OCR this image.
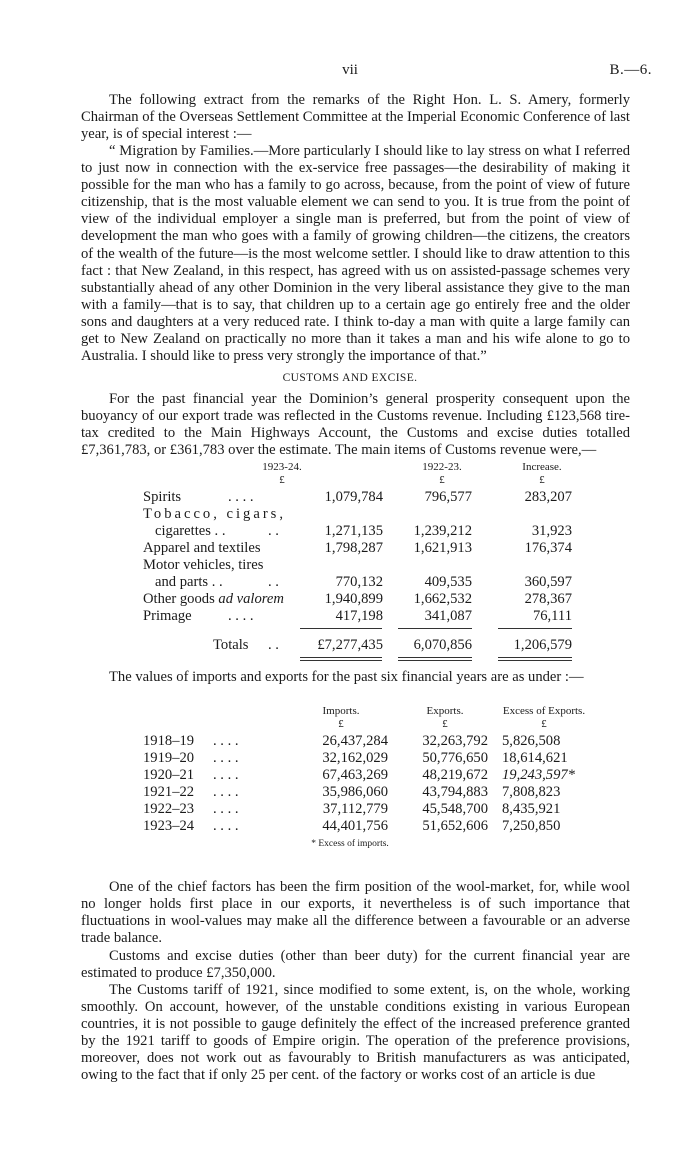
vii	B.—6.

The following extract from the remarks of the Right Hon. L. S. Amery, formerly Chairman of the Overseas Settlement Committee at the Imperial Economic Conference of last year, is of special interest :—

“ Migration by Families.—More particularly I should like to lay stress on what I referred to just now in connection with the ex-service free passages—the desirability of making it possible for the man who has a family to go across, because, from the point of view of future citizenship, that is the most valuable element we can send to you. It is true from the point of view of the individual employer a single man is preferred, but from the point of view of development the man who goes with a family of growing children—the citizens, the creators of the wealth of the future—is the most welcome settler. I should like to draw attention to this fact : that New Zealand, in this respect, has agreed with us on assisted-passage schemes very substantially ahead of any other Dominion in the very liberal assistance they give to the man with a family—that is to say, that children up to a certain age go entirely free and the older sons and daughters at a very reduced rate. I think to-day a man with quite a large family can get to New Zealand on practically no more than it takes a man and his wife alone to go to Australia. I should like to press very strongly the importance of that.”

CUSTOMS AND EXCISE.

For the past financial year the Dominion’s general prosperity consequent upon the buoyancy of our export trade was reflected in the Customs revenue. Including £123,568 tire-tax credited to the Main Highways Account, the Customs and excise duties totalled £7,361,783, or £361,783 over the estimate. The main items of Customs revenue were,—

1923-24.	1922-23.	Increase.
£	£	£
Spirits	. . . .	1,079,784	796,577	283,207
Tobacco, cigars,
cigarettes . .	. .	1,271,135	1,239,212	31,923
Apparel and textiles	1,798,287	1,621,913	176,374
Motor vehicles, tires
and parts . .	. .	770,132	409,535	360,597
Other goods ad valorem	1,940,899	1,662,532	278,367
Primage . . . .	417,198	341,087	76,111
Totals . .	£7,277,435	6,070,856	1,206,579

The values of imports and exports for the past six financial years are as under :—

Imports.	Exports.	Excess of Exports.
£	£	£
1918–19 . . . .	26,437,284	32,263,792 5,826,508
1919–20 . . . .	32,162,029	50,776,650 18,614,621
1920–21 . . . .	67,463,269	48,219,672 19,243,597*
1921–22 . . . .	35,986,060	43,794,883 7,808,823
1922–23 . . . .	37,112,779	45,548,700 8,435,921
1923–24 . . . .	44,401,756	51,652,606 7,250,850
* Excess of imports.

One of the chief factors has been the firm position of the wool-market, for, while wool no longer holds first place in our exports, it nevertheless is of such importance that fluctuations in wool-values may make all the difference between a favourable or an adverse trade balance.

Customs and excise duties (other than beer duty) for the current financial year are estimated to produce £7,350,000.

The Customs tariff of 1921, since modified to some extent, is, on the whole, working smoothly. On account, however, of the unstable conditions existing in various European countries, it is not possible to gauge definitely the effect of the increased preference granted by the 1921 tariff to goods of Empire origin. The operation of the preference provisions, moreover, does not work out as favourably to British manufacturers as was anticipated, owing to the fact that if only 25 per cent. of the factory or works cost of an article is due
